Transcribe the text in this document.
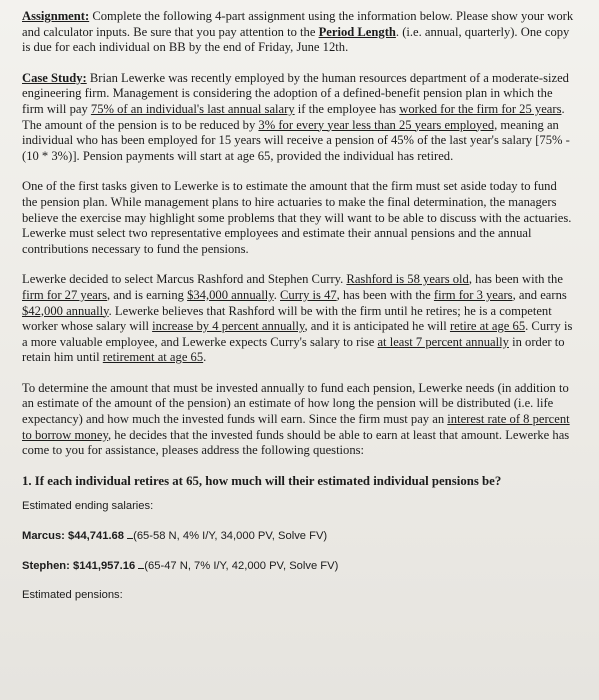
Assignment: Complete the following 4-part assignment using the information below. Please show your work and calculator inputs. Be sure that you pay attention to the Period Length. (i.e. annual, quarterly). One copy is due for each individual on BB by the end of Friday, June 12th.

Case Study: Brian Lewerke was recently employed by the human resources department of a moderate-sized engineering firm. Management is considering the adoption of a defined-benefit pension plan in which the firm will pay 75% of an individual's last annual salary if the employee has worked for the firm for 25 years. The amount of the pension is to be reduced by 3% for every year less than 25 years employed, meaning an individual who has been employed for 15 years will receive a pension of 45% of the last year's salary [75% - (10 * 3%)]. Pension payments will start at age 65, provided the individual has retired.

One of the first tasks given to Lewerke is to estimate the amount that the firm must set aside today to fund the pension plan. While management plans to hire actuaries to make the final determination, the managers believe the exercise may highlight some problems that they will want to be able to discuss with the actuaries. Lewerke must select two representative employees and estimate their annual pensions and the annual contributions necessary to fund the pensions.

Lewerke decided to select Marcus Rashford and Stephen Curry. Rashford is 58 years old, has been with the firm for 27 years, and is earning $34,000 annually. Curry is 47, has been with the firm for 3 years, and earns $42,000 annually. Lewerke believes that Rashford will be with the firm until he retires; he is a competent worker whose salary will increase by 4 percent annually, and it is anticipated he will retire at age 65. Curry is a more valuable employee, and Lewerke expects Curry's salary to rise at least 7 percent annually in order to retain him until retirement at age 65.

To determine the amount that must be invested annually to fund each pension, Lewerke needs (in addition to an estimate of the amount of the pension) an estimate of how long the pension will be distributed (i.e. life expectancy) and how much the invested funds will earn. Since the firm must pay an interest rate of 8 percent to borrow money, he decides that the invested funds should be able to earn at least that amount. Lewerke has come to you for assistance, pleases address the following questions:

1. If each individual retires at 65, how much will their estimated individual pensions be?

Estimated ending salaries:

Marcus: $44,741.68 (65-58 N, 4% I/Y, 34,000 PV, Solve FV)

Stephen: $141,957.16 (65-47 N, 7% I/Y, 42,000 PV, Solve FV)

Estimated pensions:
